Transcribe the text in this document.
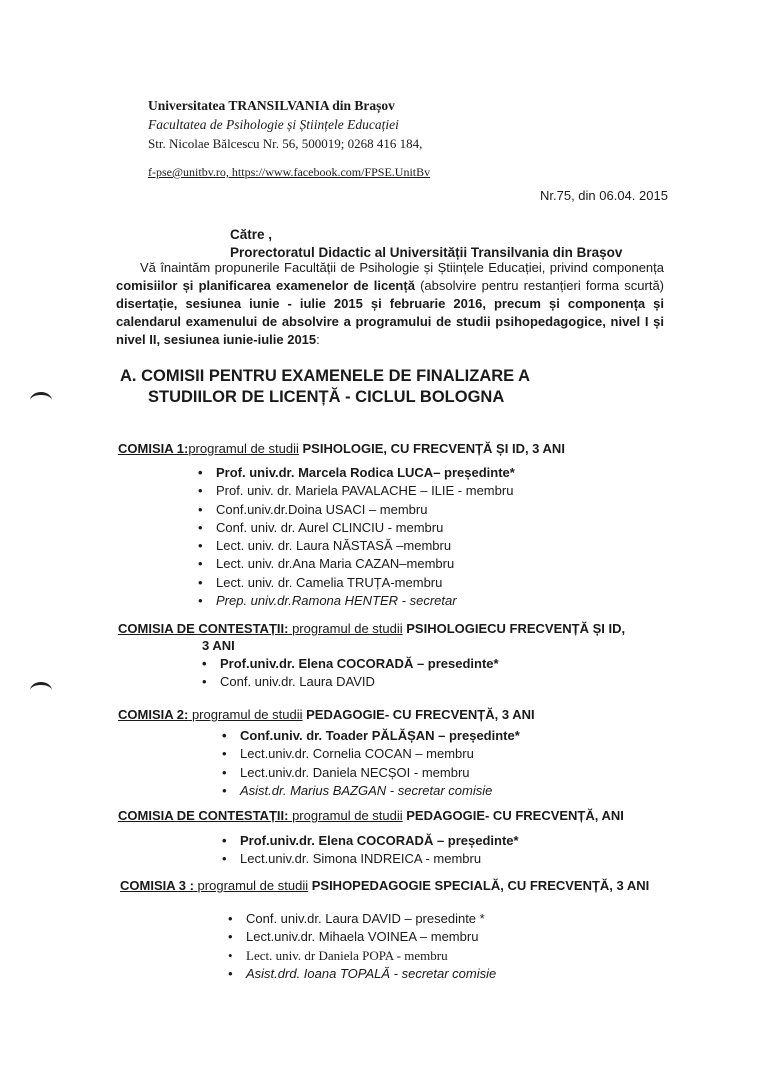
Universitatea TRANSILVANIA din Brașov
Facultatea de Psihologie și Științele Educației
Str. Nicolae Bălcescu Nr. 56, 500019; 0268 416 184,
f-pse@unitbv.ro, https://www.facebook.com/FPSE.UnitBv
Nr.75, din 06.04. 2015
Către ,
Prorectoratul Didactic al Universității Transilvania din Brașov
Vă înaintăm propunerile Facultății de Psihologie și Științele Educației, privind componența comisiilor și planificarea examenelor de licență (absolvire pentru restanțieri forma scurtă) disertație, sesiunea iunie - iulie 2015 și februarie 2016, precum și componența și calendarul examenului de absolvire a programului de studii psihopedagogice, nivel I și nivel II, sesiunea iunie-iulie 2015:
A. COMISII PENTRU EXAMENELE DE FINALIZARE A
STUDIILOR DE LICENȚĂ - CICLUL BOLOGNA
COMISIA 1:programul de studii PSIHOLOGIE, CU FRECVENȚĂ ȘI ID, 3 ANI
• Prof. univ.dr. Marcela Rodica LUCA– președinte*
• Prof. univ. dr. Mariela PAVALACHE – ILIE - membru
• Conf.univ.dr.Doina USACI – membru
• Conf. univ. dr. Aurel CLINCIU - membru
• Lect. univ. dr. Laura NĂSTASĂ –membru
• Lect. univ. dr.Ana Maria CAZAN–membru
• Lect. univ. dr. Camelia TRUȚA-membru
• Prep. univ.dr.Ramona HENTER - secretar
COMISIA DE CONTESTAȚII: programul de studii PSIHOLOGIECU FRECVENȚĂ ȘI ID,
3 ANI
• Prof.univ.dr. Elena COCORADĂ – presedinte*
• Conf. univ.dr. Laura DAVID
COMISIA 2: programul de studii PEDAGOGIE- CU FRECVENȚĂ, 3 ANI
• Conf.univ. dr. Toader PĂLĂȘAN – președinte*
• Lect.univ.dr. Cornelia COCAN – membru
• Lect.univ.dr. Daniela NECȘOI - membru
• Asist.dr. Marius BAZGAN - secretar comisie
COMISIA DE CONTESTAȚII: programul de studii PEDAGOGIE- CU FRECVENȚĂ, ANI
• Prof.univ.dr. Elena COCORADĂ – președinte*
• Lect.univ.dr. Simona INDREICA - membru
COMISIA 3 : programul de studii PSIHOPEDAGOGIE SPECIALĂ, CU FRECVENȚĂ, 3 ANI
• Conf. univ.dr. Laura DAVID – presedinte *
• Lect.univ.dr. Mihaela VOINEA – membru
• Lect. univ. dr Daniela POPA - membru
• Asist.drd. Ioana TOPALĂ - secretar comisie
